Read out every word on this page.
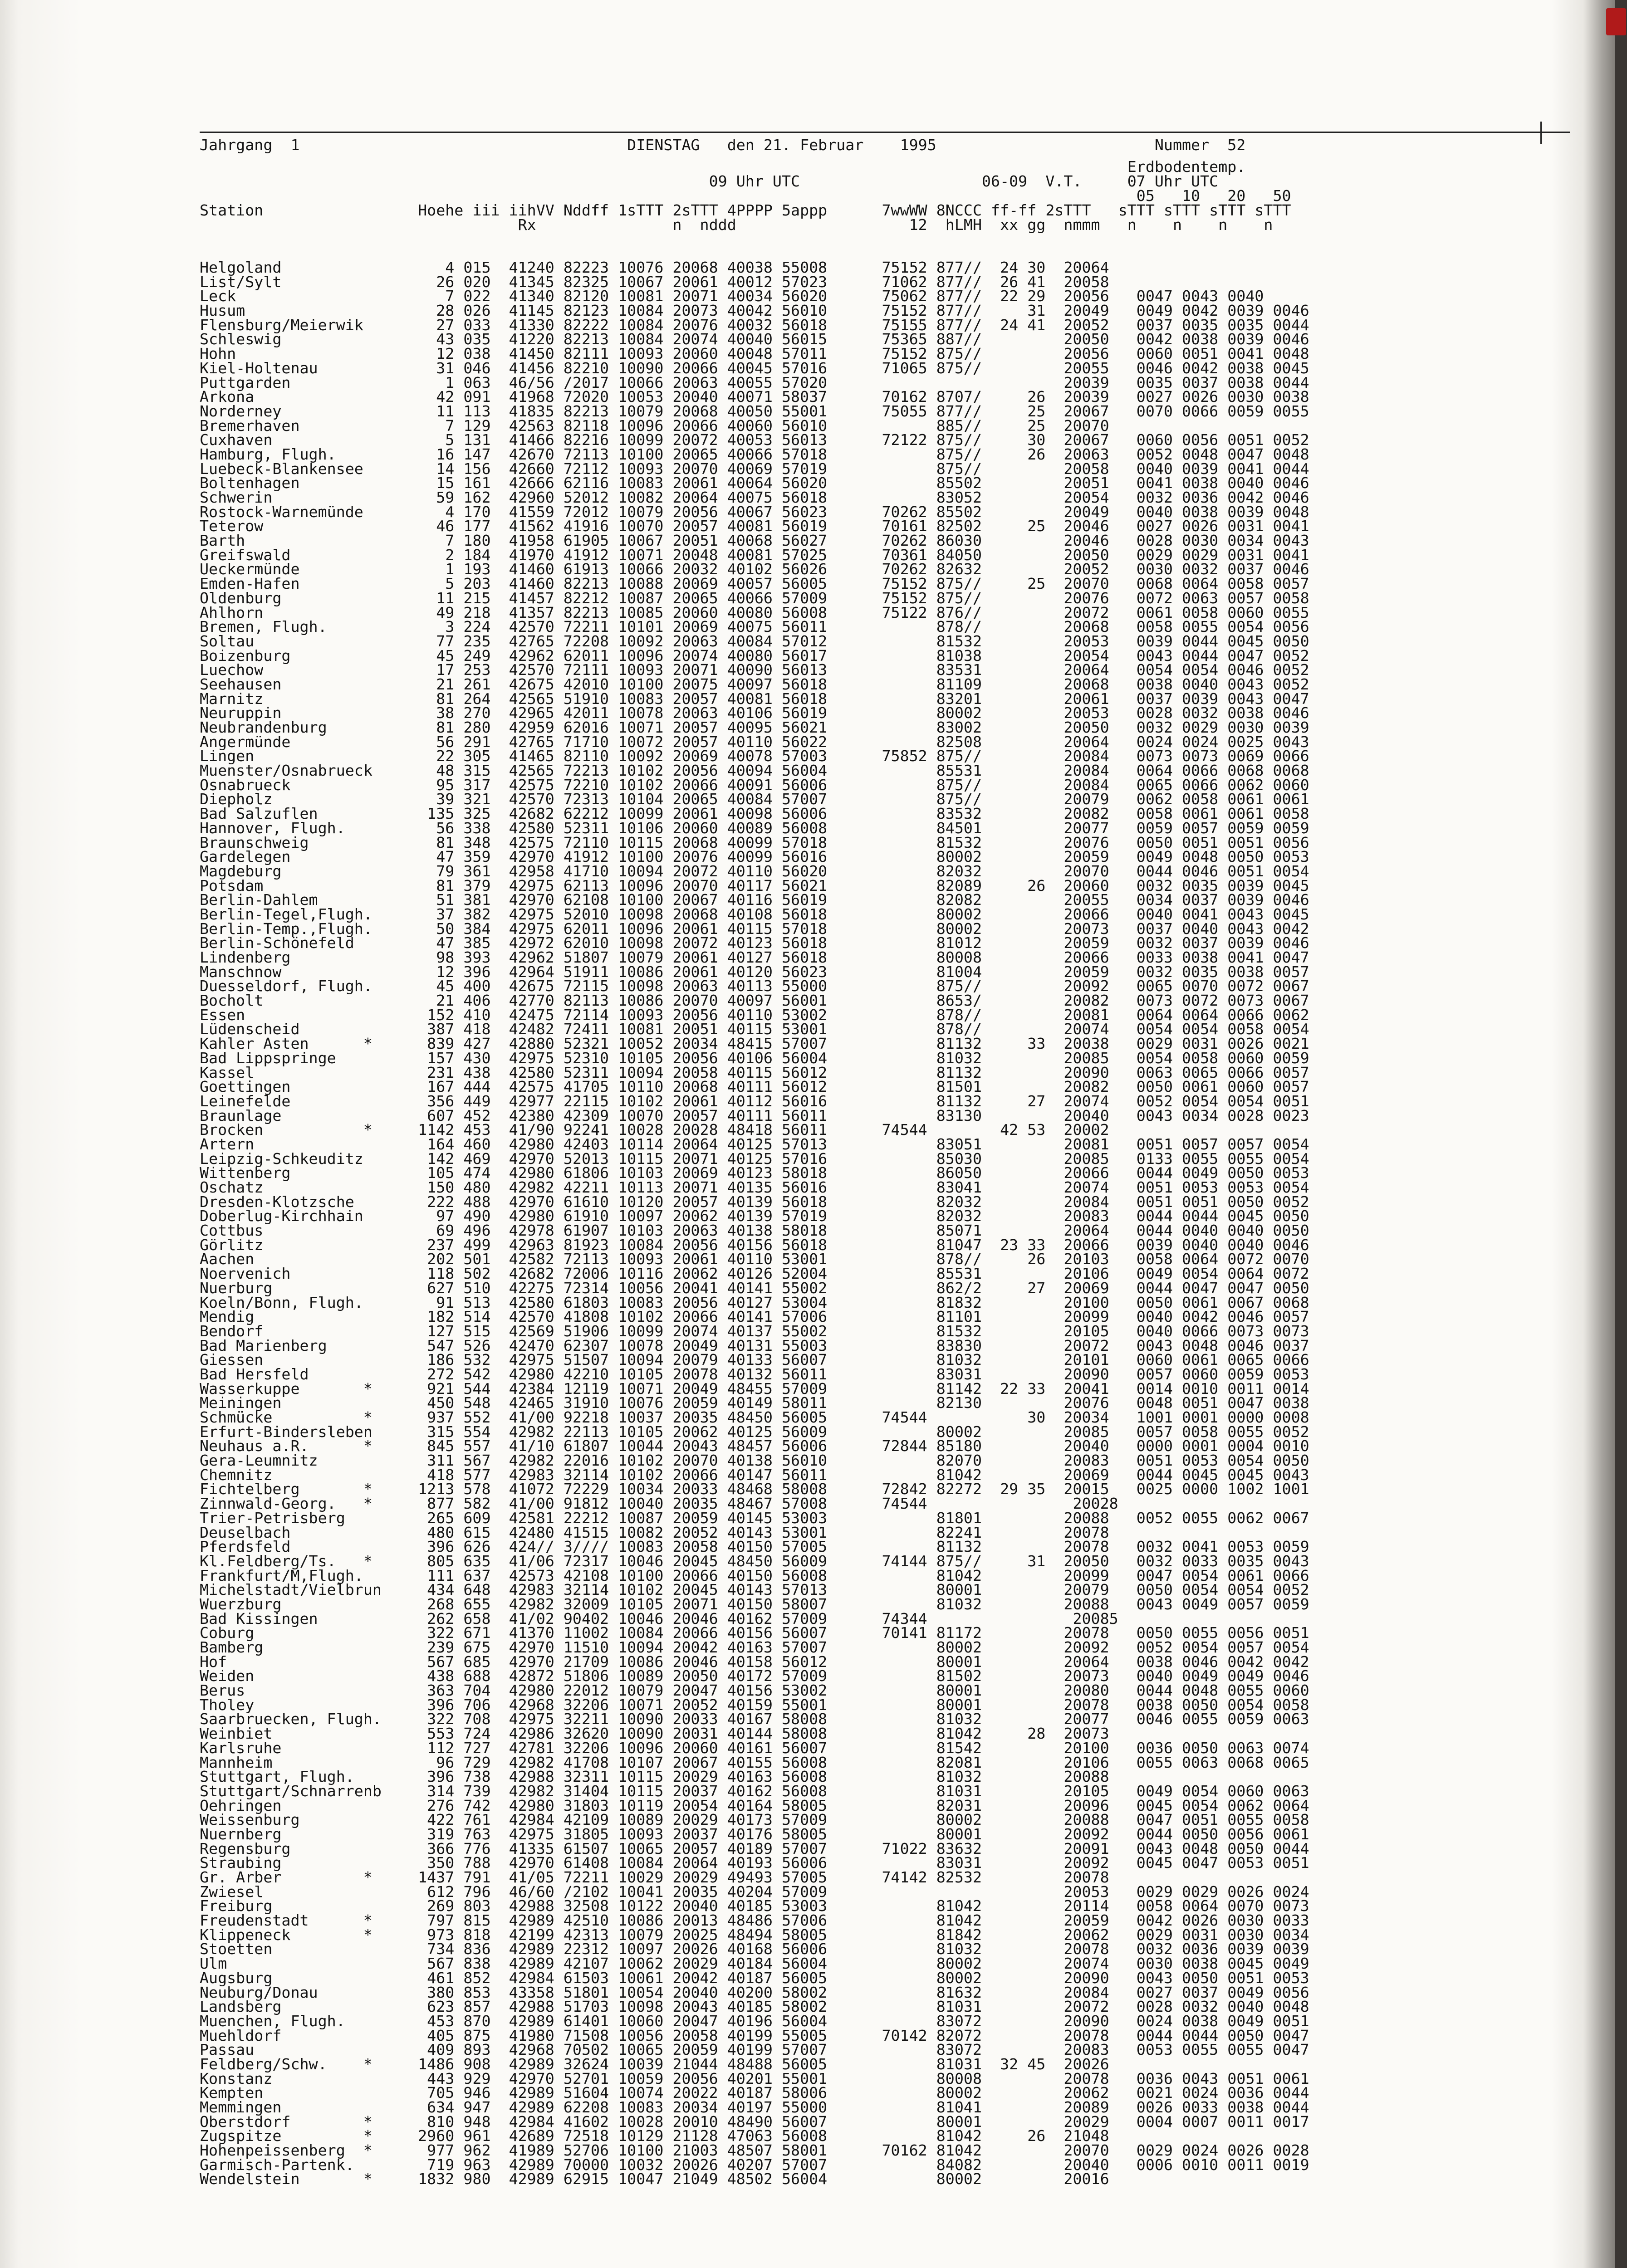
Jahrgang  1                                    DIENSTAG   den 21. Februar    1995                        Nummer  52
Erdbodentemp.
09 Uhr UTC                    06-09  V.T.     07 Uhr UTC
05   10   20   50
Station                 Hoehe iii iihVV Nddff 1sTTT 2sTTT 4PPPP 5appp      7wwWW 8NCCC ff-ff 2sTTT   sTTT sTTT sTTT sTTT
Rx               n  nddd                   12  hLMH  xx gg  nmmm   n    n    n    n
Helgoland                  4 015  41240 82223 10076 20068 40038 55008      75152 877//  24 30  20064
List/Sylt                 26 020  41345 82325 10067 20061 40012 57023      71062 877//  26 41  20058
Leck                       7 022  41340 82120 10081 20071 40034 56020      75062 877//  22 29  20056   0047 0043 0040
Husum                     28 026  41145 82123 10084 20073 40042 56010      75152 877//     31  20049   0049 0042 0039 0046
Flensburg/Meierwik        27 033  41330 82222 10084 20076 40032 56018      75155 877//  24 41  20052   0037 0035 0035 0044
Schleswig                 43 035  41220 82213 10084 20074 40040 56015      75365 887//         20050   0042 0038 0039 0046
Hohn                      12 038  41450 82111 10093 20060 40048 57011      75152 875//         20056   0060 0051 0041 0048
Kiel-Holtenau             31 046  41456 82210 10090 20066 40045 57016      71065 875//         20055   0046 0042 0038 0045
Puttgarden                 1 063  46/56 /2017 10066 20063 40055 57020                          20039   0035 0037 0038 0044
Arkona                    42 091  41968 72020 10053 20040 40071 58037      70162 8707/     26  20039   0027 0026 0030 0038
Norderney                 11 113  41835 82213 10079 20068 40050 55001      75055 877//     25  20067   0070 0066 0059 0055
Bremerhaven                7 129  42563 82118 10096 20066 40060 56010            885//     25  20070
Cuxhaven                   5 131  41466 82216 10099 20072 40053 56013      72122 875//     30  20067   0060 0056 0051 0052
Hamburg, Flugh.           16 147  42670 72113 10100 20065 40066 57018            875//     26  20063   0052 0048 0047 0048
Luebeck-Blankensee        14 156  42660 72112 10093 20070 40069 57019            875//         20058   0040 0039 0041 0044
Boltenhagen               15 161  42666 62116 10083 20061 40064 56020            85502         20051   0041 0038 0040 0046
Schwerin                  59 162  42960 52012 10082 20064 40075 56018            83052         20054   0032 0036 0042 0046
Rostock-Warnemünde         4 170  41559 72012 10079 20056 40067 56023      70262 85502         20049   0040 0038 0039 0048
Teterow                   46 177  41562 41916 10070 20057 40081 56019      70161 82502     25  20046   0027 0026 0031 0041
Barth                      7 180  41958 61905 10067 20051 40068 56027      70262 86030         20046   0028 0030 0034 0043
Greifswald                 2 184  41970 41912 10071 20048 40081 57025      70361 84050         20050   0029 0029 0031 0041
Ueckermünde                1 193  41460 61913 10066 20032 40102 56026      70262 82632         20052   0030 0032 0037 0046
Emden-Hafen                5 203  41460 82213 10088 20069 40057 56005      75152 875//     25  20070   0068 0064 0058 0057
Oldenburg                 11 215  41457 82212 10087 20065 40066 57009      75152 875//         20076   0072 0063 0057 0058
Ahlhorn                   49 218  41357 82213 10085 20060 40080 56008      75122 876//         20072   0061 0058 0060 0055
Bremen, Flugh.             3 224  42570 72211 10101 20069 40075 56011            878//         20068   0058 0055 0054 0056
Soltau                    77 235  42765 72208 10092 20063 40084 57012            81532         20053   0039 0044 0045 0050
Boizenburg                45 249  42962 62011 10096 20074 40080 56017            81038         20054   0043 0044 0047 0052
Luechow                   17 253  42570 72111 10093 20071 40090 56013            83531         20064   0054 0054 0046 0052
Seehausen                 21 261  42675 42010 10100 20075 40097 56018            81109         20068   0038 0040 0043 0052
Marnitz                   81 264  42565 51910 10083 20057 40081 56018            83201         20061   0037 0039 0043 0047
Neuruppin                 38 270  42965 42011 10078 20063 40106 56019            80002         20053   0028 0032 0038 0046
Neubrandenburg            81 280  42959 62016 10071 20057 40095 56021            83002         20050   0032 0029 0030 0039
Angermünde                56 291  42765 71710 10072 20057 40110 56022            82508         20064   0024 0024 0025 0043
Lingen                    22 305  41465 82110 10092 20069 40078 57003      75852 875//         20084   0073 0073 0069 0066
Muenster/Osnabrueck       48 315  42565 72213 10102 20056 40094 56004            85531         20084   0064 0066 0068 0068
Osnabrueck                95 317  42575 72210 10102 20066 40091 56006            875//         20084   0065 0066 0062 0060
Diepholz                  39 321  42570 72313 10104 20065 40084 57007            875//         20079   0062 0058 0061 0061
Bad Salzuflen            135 325  42682 62212 10099 20061 40098 56006            83532         20082   0058 0061 0061 0058
Hannover, Flugh.          56 338  42580 52311 10106 20060 40089 56008            84501         20077   0059 0057 0059 0059
Braunschweig              81 348  42575 72110 10115 20068 40099 57018            81532         20076   0050 0051 0051 0056
Gardelegen                47 359  42970 41912 10100 20076 40099 56016            80002         20059   0049 0048 0050 0053
Magdeburg                 79 361  42958 41710 10094 20072 40110 56020            82032         20070   0044 0046 0051 0054
Potsdam                   81 379  42975 62113 10096 20070 40117 56021            82089     26  20060   0032 0035 0039 0045
Berlin-Dahlem             51 381  42970 62108 10100 20067 40116 56019            82082         20055   0034 0037 0039 0046
Berlin-Tegel,Flugh.       37 382  42975 52010 10098 20068 40108 56018            80002         20066   0040 0041 0043 0045
Berlin-Temp.,Flugh.       50 384  42975 62011 10096 20061 40115 57018            80002         20073   0037 0040 0043 0042
Berlin-Schönefeld         47 385  42972 62010 10098 20072 40123 56018            81012         20059   0032 0037 0039 0046
Lindenberg                98 393  42962 51807 10079 20061 40127 56018            80008         20066   0033 0038 0041 0047
Manschnow                 12 396  42964 51911 10086 20061 40120 56023            81004         20059   0032 0035 0038 0057
Duesseldorf, Flugh.       45 400  42675 72115 10098 20063 40113 55000            875//         20092   0065 0070 0072 0067
Bocholt                   21 406  42770 82113 10086 20070 40097 56001            8653/         20082   0073 0072 0073 0067
Essen                    152 410  42475 72114 10093 20056 40110 53002            878//         20081   0064 0064 0066 0062
Lüdenscheid              387 418  42482 72411 10081 20051 40115 53001            878//         20074   0054 0054 0058 0054
Kahler Asten      *      839 427  42880 52321 10052 20034 48415 57007            81132     33  20038   0029 0031 0026 0021
Bad Lippspringe          157 430  42975 52310 10105 20056 40106 56004            81032         20085   0054 0058 0060 0059
Kassel                   231 438  42580 52311 10094 20058 40115 56012            81132         20090   0063 0065 0066 0057
Goettingen               167 444  42575 41705 10110 20068 40111 56012            81501         20082   0050 0061 0060 0057
Leinefelde               356 449  42977 22115 10102 20061 40112 56016            81132     27  20074   0052 0054 0054 0051
Braunlage                607 452  42380 42309 10070 20057 40111 56011            83130         20040   0043 0034 0028 0023
Brocken           *     1142 453  41/90 92241 10028 20028 48418 56011      74544        42 53  20002
Artern                   164 460  42980 42403 10114 20064 40125 57013            83051         20081   0051 0057 0057 0054
Leipzig-Schkeuditz       142 469  42970 52013 10115 20071 40125 57016            85030         20085   0133 0055 0055 0054
Wittenberg               105 474  42980 61806 10103 20069 40123 58018            86050         20066   0044 0049 0050 0053
Oschatz                  150 480  42982 42211 10113 20071 40135 56016            83041         20074   0051 0053 0053 0054
Dresden-Klotzsche        222 488  42970 61610 10120 20057 40139 56018            82032         20084   0051 0051 0050 0052
Doberlug-Kirchhain        97 490  42980 61910 10097 20062 40139 57019            82032         20083   0044 0044 0045 0050
Cottbus                   69 496  42978 61907 10103 20063 40138 58018            85071         20064   0044 0040 0040 0050
Görlitz                  237 499  42963 81923 10084 20056 40156 56018            81047  23 33  20066   0039 0040 0040 0046
Aachen                   202 501  42582 72113 10093 20061 40110 53001            878//     26  20103   0058 0064 0072 0070
Noervenich               118 502  42682 72006 10116 20062 40126 52004            85531         20106   0049 0054 0064 0072
Nuerburg                 627 510  42275 72314 10056 20041 40141 55002            862/2     27  20069   0044 0047 0047 0050
Koeln/Bonn, Flugh.        91 513  42580 61803 10083 20056 40127 53004            81832         20100   0050 0061 0067 0068
Mendig                   182 514  42570 41808 10102 20066 40141 57006            81101         20099   0040 0042 0046 0057
Bendorf                  127 515  42569 51906 10099 20074 40137 55002            81532         20105   0040 0066 0073 0073
Bad Marienberg           547 526  42470 62307 10078 20049 40131 55003            83830         20072   0043 0048 0046 0037
Giessen                  186 532  42975 51507 10094 20079 40133 56007            81032         20101   0060 0061 0065 0066
Bad Hersfeld             272 542  42980 42210 10105 20078 40132 56011            83031         20090   0057 0060 0059 0053
Wasserkuppe       *      921 544  42384 12119 10071 20049 48455 57009            81142  22 33  20041   0014 0010 0011 0014
Meiningen                450 548  42465 31910 10076 20059 40149 58011            82130         20076   0048 0051 0047 0038
Schmücke          *      937 552  41/00 92218 10037 20035 48450 56005      74544           30  20034   1001 0001 0000 0008
Erfurt-Bindersleben      315 554  42982 22113 10105 20062 40125 56009            80002         20085   0057 0058 0055 0052
Neuhaus a.R.      *      845 557  41/10 61807 10044 20043 48457 56006      72844 85180         20040   0000 0001 0004 0010
Gera-Leumnitz            311 567  42982 22016 10102 20070 40138 56010            82070         20083   0051 0053 0054 0050
Chemnitz                 418 577  42983 32114 10102 20066 40147 56011            81042         20069   0044 0045 0045 0043
Fichtelberg       *     1213 578  41072 72229 10034 20033 48468 58008      72842 82272  29 35  20015   0025 0000 1002 1001
Zinnwald-Georg.   *      877 582  41/00 91812 10040 20035 48467 57008      74544                20028
Trier-Petrisberg         265 609  42581 22212 10087 20059 40145 53003            81801         20088   0052 0055 0062 0067
Deuselbach               480 615  42480 41515 10082 20052 40143 53001            82241         20078
Pferdsfeld               396 626  424// 3//// 10083 20058 40150 57005            81132         20078   0032 0041 0053 0059
Kl.Feldberg/Ts.   *      805 635  41/06 72317 10046 20045 48450 56009      74144 875//     31  20050   0032 0033 0035 0043
Frankfurt/M,Flugh.       111 637  42573 42108 10100 20066 40150 56008            81042         20099   0047 0054 0061 0066
Michelstadt/Vielbrun     434 648  42983 32114 10102 20045 40143 57013            80001         20079   0050 0054 0054 0052
Wuerzburg                268 655  42982 32009 10105 20071 40150 58007            81032         20088   0043 0049 0057 0059
Bad Kissingen            262 658  41/02 90402 10046 20046 40162 57009      74344                20085
Coburg                   322 671  41370 11002 10084 20066 40156 56007      70141 81172         20078   0050 0055 0056 0051
Bamberg                  239 675  42970 11510 10094 20042 40163 57007            80002         20092   0052 0054 0057 0054
Hof                      567 685  42970 21709 10086 20046 40158 56012            80001         20064   0038 0046 0042 0042
Weiden                   438 688  42872 51806 10089 20050 40172 57009            81502         20073   0040 0049 0049 0046
Berus                    363 704  42980 22012 10079 20047 40156 53002            80001         20080   0044 0048 0055 0060
Tholey                   396 706  42968 32206 10071 20052 40159 55001            80001         20078   0038 0050 0054 0058
Saarbruecken, Flugh.     322 708  42975 32211 10090 20033 40167 58008            81032         20077   0046 0055 0059 0063
Weinbiet                 553 724  42986 32620 10090 20031 40144 58008            81042     28  20073
Karlsruhe                112 727  42781 32206 10096 20060 40161 56007            81542         20100   0036 0050 0063 0074
Mannheim                  96 729  42982 41708 10107 20067 40155 56008            82081         20106   0055 0063 0068 0065
Stuttgart, Flugh.        396 738  42988 32311 10115 20029 40163 56008            81032         20088
Stuttgart/Schnarrenb     314 739  42982 31404 10115 20037 40162 56008            81031         20105   0049 0054 0060 0063
Oehringen                276 742  42980 31803 10119 20054 40164 58005            82031         20096   0045 0054 0062 0064
Weissenburg              422 761  42984 42109 10089 20029 40173 57009            80002         20088   0047 0051 0055 0058
Nuernberg                319 763  42975 31805 10093 20037 40176 58005            80001         20092   0044 0050 0056 0061
Regensburg               366 776  41335 61507 10065 20057 40189 57007      71022 83632         20091   0043 0048 0050 0044
Straubing                350 788  42970 61408 10084 20064 40193 56006            83031         20092   0045 0047 0053 0051
Gr. Arber         *     1437 791  41/05 72211 10029 20029 49493 57005      74142 82532         20078
Zwiesel                  612 796  46/60 /2102 10041 20035 40204 57009                          20053   0029 0029 0026 0024
Freiburg                 269 803  42988 32508 10122 20040 40185 53003            81042         20114   0058 0064 0070 0073
Freudenstadt      *      797 815  42989 42510 10086 20013 48486 57006            81042         20059   0042 0026 0030 0033
Klippeneck        *      973 818  42199 42313 10079 20025 48494 58005            81842         20062   0029 0031 0030 0034
Stoetten                 734 836  42989 22312 10097 20026 40168 56006            81032         20078   0032 0036 0039 0039
Ulm                      567 838  42989 42107 10062 20029 40184 56004            80002         20074   0030 0038 0045 0049
Augsburg                 461 852  42984 61503 10061 20042 40187 56005            80002         20090   0043 0050 0051 0053
Neuburg/Donau            380 853  43358 51801 10054 20040 40200 58002            81632         20084   0027 0037 0049 0056
Landsberg                623 857  42988 51703 10098 20043 40185 58002            81031         20072   0028 0032 0040 0048
Muenchen, Flugh.         453 870  42989 61401 10060 20047 40196 56004            83072         20090   0024 0038 0049 0051
Muehldorf                405 875  41980 71508 10056 20058 40199 55005      70142 82072         20078   0044 0044 0050 0047
Passau                   409 893  42968 70502 10065 20059 40199 57007            83072         20083   0053 0055 0055 0047
Feldberg/Schw.    *     1486 908  42989 32624 10039 21044 48488 56005            81031  32 45  20026
Konstanz                 443 929  42970 52701 10059 20056 40201 55001            80008         20078   0036 0043 0051 0061
Kempten                  705 946  42989 51604 10074 20022 40187 58006            80002         20062   0021 0024 0036 0044
Memmingen                634 947  42989 62208 10083 20034 40197 55000            81041         20089   0026 0033 0038 0044
Oberstdorf        *      810 948  42984 41602 10028 20010 48490 56007            80001         20029   0004 0007 0011 0017
Zugspitze         *     2960 961  42689 72518 10129 21128 47063 56008            81042     26  21048
Hohenpeissenberg  *      977 962  41989 52706 10100 21003 48507 58001      70162 81042         20070   0029 0024 0026 0028
Garmisch-Partenk.        719 963  42989 70000 10032 20026 40207 57007            84082         20040   0006 0010 0011 0019
Wendelstein       *     1832 980  42989 62915 10047 21049 48502 56004            80002         20016
